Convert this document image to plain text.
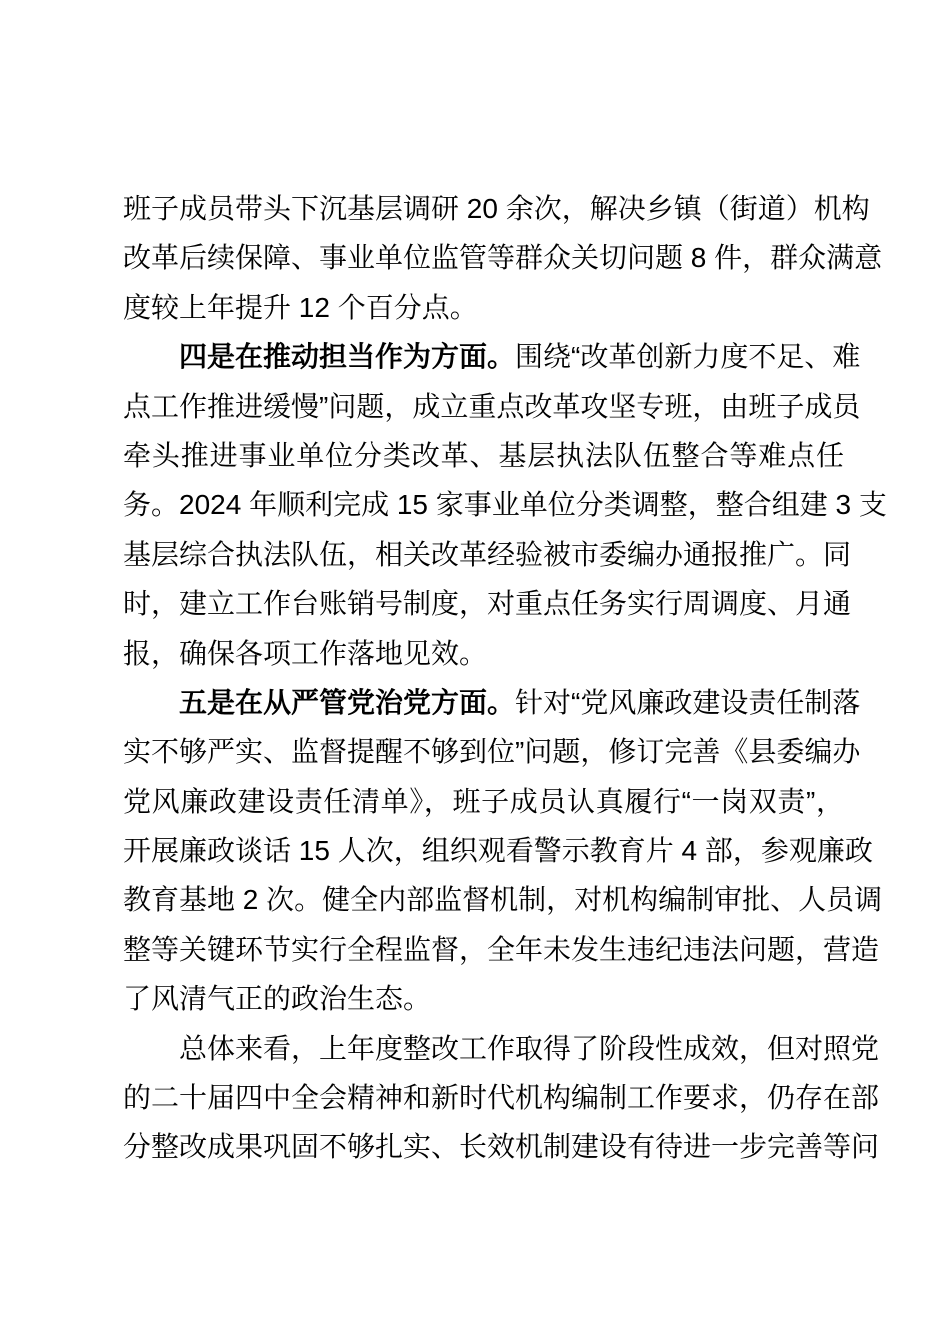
班子成员带头下沉基层调研 20 余次，解决乡镇（街道）机构
改革后续保障、事业单位监管等群众关切问题 8 件，群众满意
度较上年提升 12 个百分点。
四是在推动担当作为方面。围绕“改革创新力度不足、难
点工作推进缓慢”问题，成立重点改革攻坚专班，由班子成员
牵头推进事业单位分类改革、基层执法队伍整合等难点任
务。2024 年顺利完成 15 家事业单位分类调整，整合组建 3 支
基层综合执法队伍，相关改革经验被市委编办通报推广。同
时，建立工作台账销号制度，对重点任务实行周调度、月通
报，确保各项工作落地见效。
五是在从严管党治党方面。针对“党风廉政建设责任制落
实不够严实、监督提醒不够到位”问题，修订完善《县委编办
党风廉政建设责任清单》，班子成员认真履行“一岗双责”，
开展廉政谈话 15 人次，组织观看警示教育片 4 部，参观廉政
教育基地 2 次。健全内部监督机制，对机构编制审批、人员调
整等关键环节实行全程监督，全年未发生违纪违法问题，营造
了风清气正的政治生态。
总体来看，上年度整改工作取得了阶段性成效，但对照党
的二十届四中全会精神和新时代机构编制工作要求，仍存在部
分整改成果巩固不够扎实、长效机制建设有待进一步完善等问
